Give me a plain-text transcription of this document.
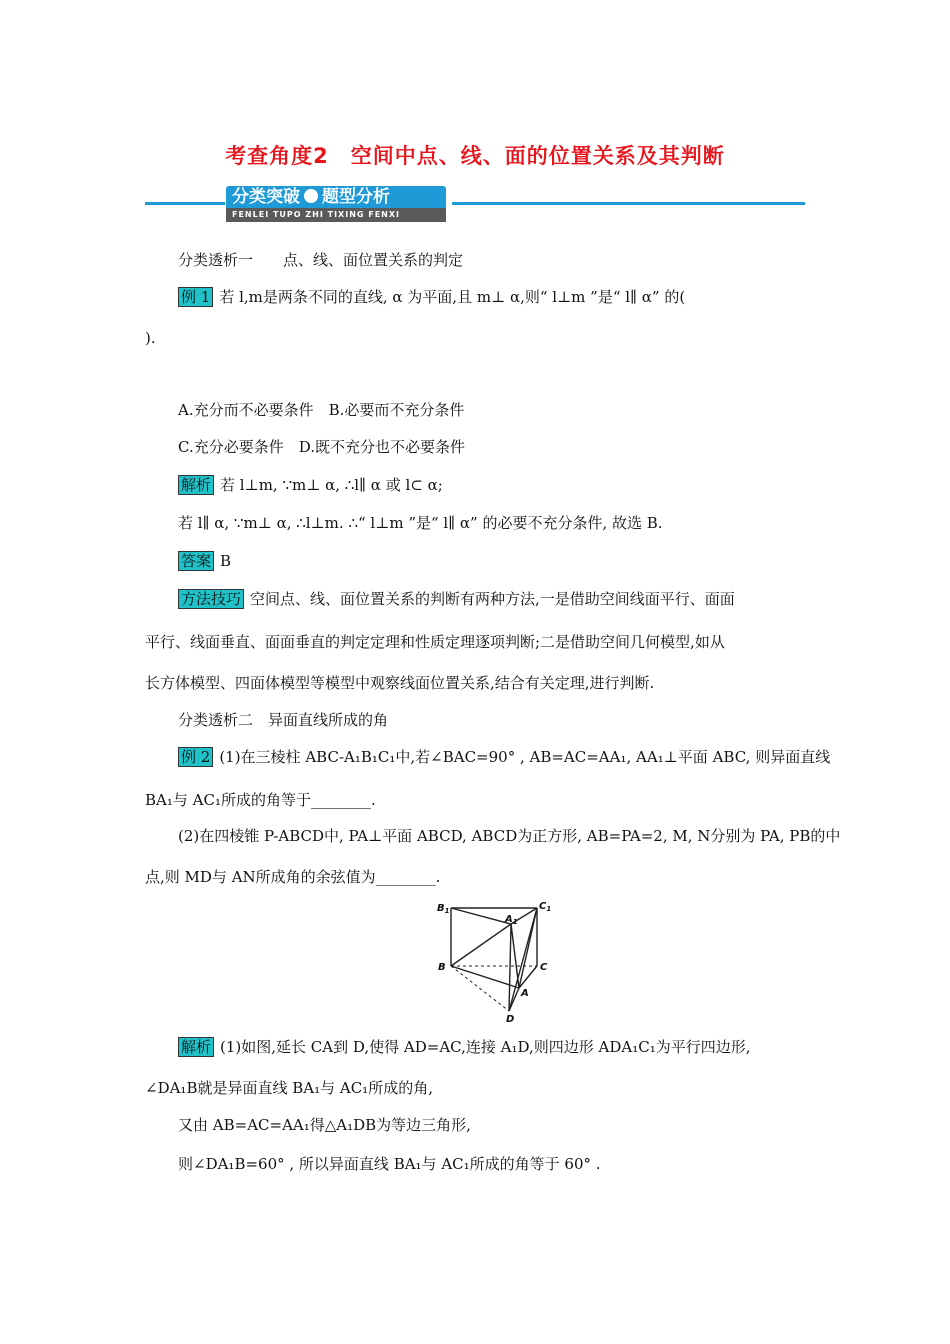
考查角度2　空间中点、线、面的位置关系及其判断
分类突破 题型分析
FENLEI TUPO ZHI TIXING FENXI
分类透析一　　点、线、面位置关系的判定
例 1 若 l,m是两条不同的直线, α 为平面,且 m⊥ α,则“ l⊥m ”是“ l∥ α” 的(
).
A.充分而不必要条件　B.必要而不充分条件
C.充分必要条件　D.既不充分也不必要条件
解析 若 l⊥m, ∵m⊥ α, ∴l∥ α 或 l⊂ α;
若 l∥ α, ∵m⊥ α, ∴l⊥m. ∴“ l⊥m ”是“ l∥ α” 的必要不充分条件, 故选 B.
答案 B
方法技巧 空间点、线、面位置关系的判断有两种方法,一是借助空间线面平行、面面
平行、线面垂直、面面垂直的判定定理和性质定理逐项判断;二是借助空间几何模型,如从
长方体模型、四面体模型等模型中观察线面位置关系,结合有关定理,进行判断.
分类透析二　异面直线所成的角
例 2 (1)在三棱柱 ABC-A₁B₁C₁中,若∠BAC=90° , AB=AC=AA₁, AA₁⊥平面 ABC, 则异面直线
BA₁与 AC₁所成的角等于________.
(2)在四棱锥 P-ABCD中, PA⊥平面 ABCD, ABCD为正方形, AB=PA=2, M, N分别为 PA, PB的中
点,则 MD与 AN所成角的余弦值为________.
$B_1$	$C_1$
$A_1$
B	C
A
D
解析 (1)如图,延长 CA到 D,使得 AD=AC,连接 A₁D,则四边形 ADA₁C₁为平行四边形,
∠DA₁B就是异面直线 BA₁与 AC₁所成的角,
又由 AB=AC=AA₁得△A₁DB为等边三角形,
则∠DA₁B=60° , 所以异面直线 BA₁与 AC₁所成的角等于 60° .
